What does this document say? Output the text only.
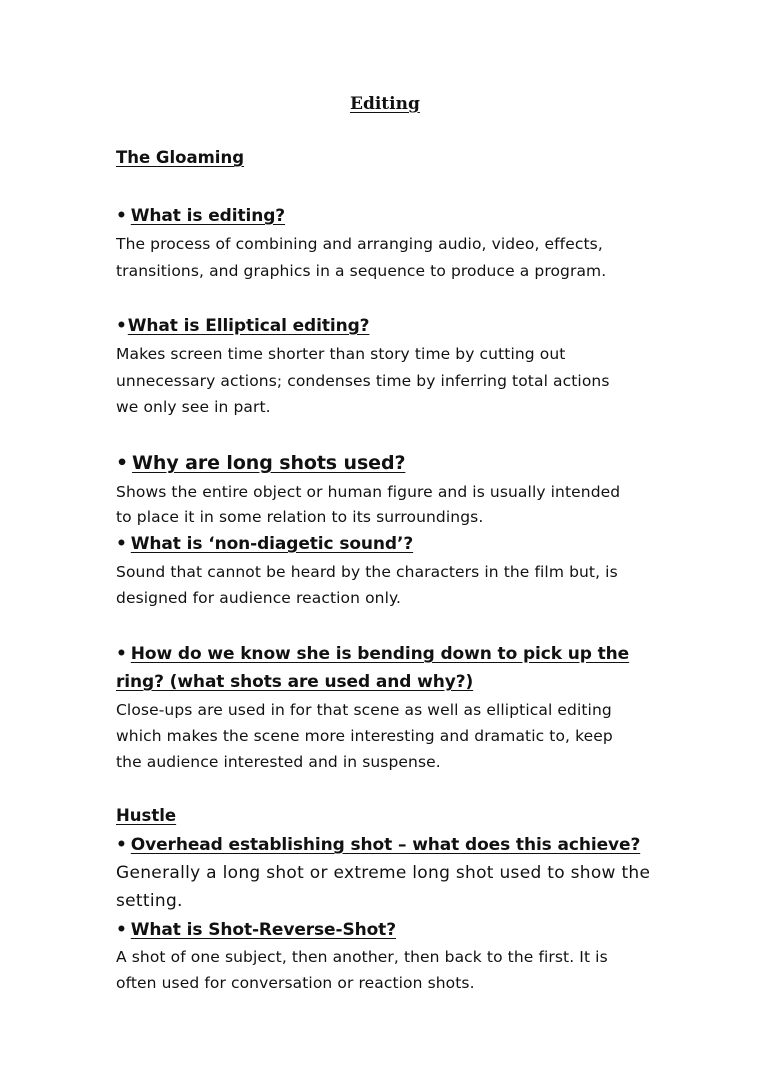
Editing
The Gloaming
• What is editing?
The process of combining and arranging audio, video, effects,
transitions, and graphics in a sequence to produce a program.
•What is Elliptical editing?
Makes screen time shorter than story time by cutting out
unnecessary actions; condenses time by inferring total actions
we only see in part.
• Why are long shots used?
Shows the entire object or human figure and is usually intended
to place it in some relation to its surroundings.
• What is ‘non-diagetic sound’?
Sound that cannot be heard by the characters in the film but, is
designed for audience reaction only.
• How do we know she is bending down to pick up the
ring? (what shots are used and why?)
Close-ups are used in for that scene as well as elliptical editing
which makes the scene more interesting and dramatic to, keep
the audience interested and in suspense.
Hustle
• Overhead establishing shot – what does this achieve?
Generally a long shot or extreme long shot used to show the
setting.
• What is Shot-Reverse-Shot?
A shot of one subject, then another, then back to the first. It is
often used for conversation or reaction shots.
